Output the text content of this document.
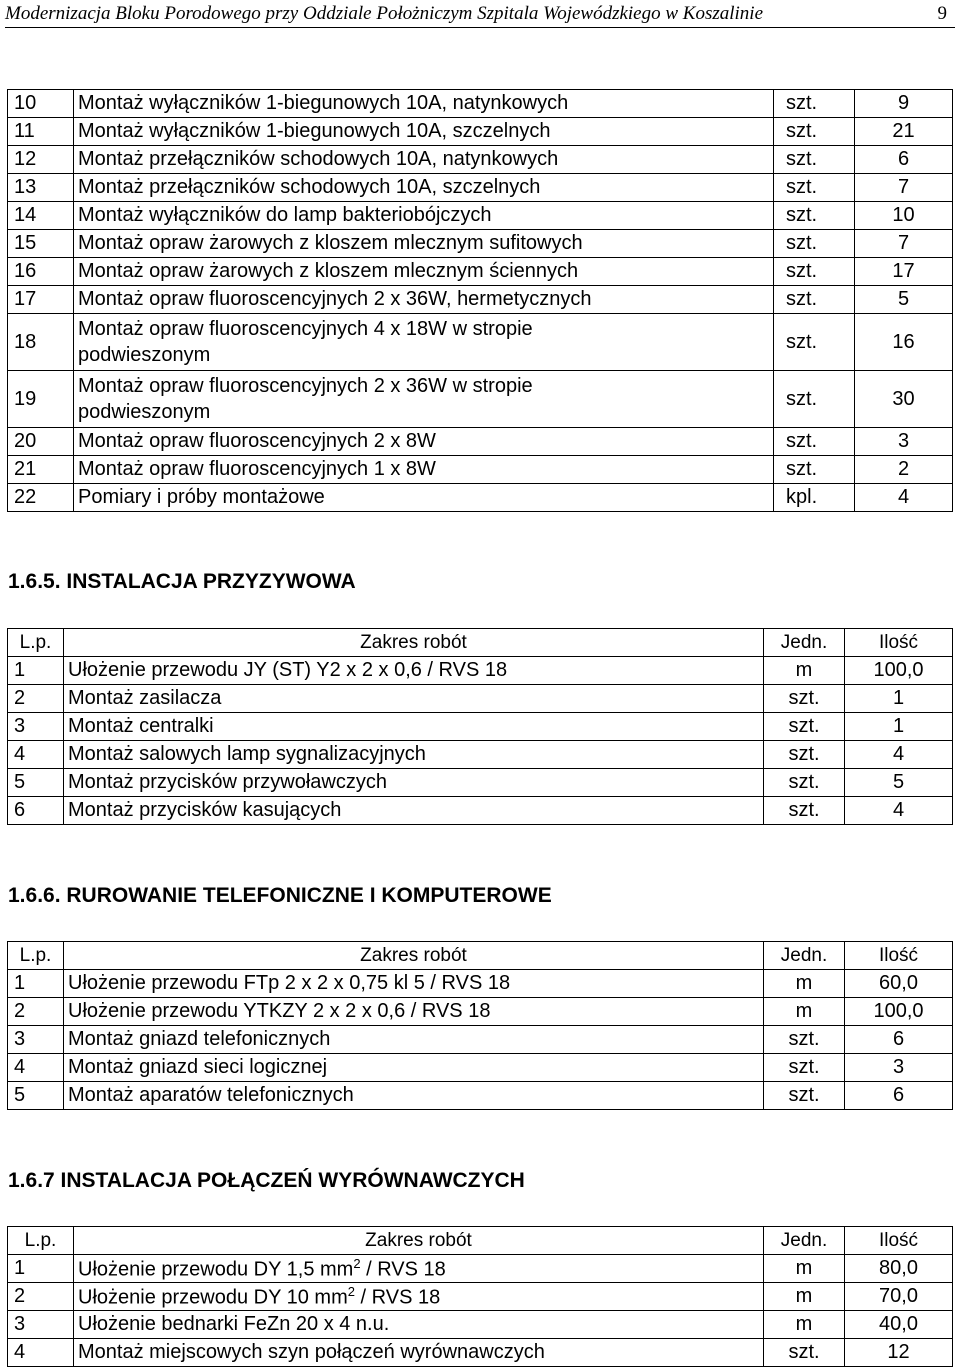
Modernizacja Bloku Porodowego przy Oddziale Położniczym Szpitala Wojewódzkiego w Koszalinie	9
10	Montaż wyłączników 1-biegunowych 10A, natynkowych	szt.	9
11	Montaż wyłączników 1-biegunowych 10A, szczelnych	szt.	21
12	Montaż przełączników schodowych 10A, natynkowych	szt.	6
13	Montaż przełączników schodowych 10A, szczelnych	szt.	7
14	Montaż wyłączników do lamp bakteriobójczych	szt.	10
15	Montaż opraw żarowych z kloszem mlecznym sufitowych	szt.	7
16	Montaż opraw żarowych z kloszem mlecznym ściennych	szt.	17
17	Montaż opraw fluoroscencyjnych 2 x 36W, hermetycznych	szt.	5
18	Montaż opraw fluoroscencyjnych 4 x 18W w stropie podwieszonym	szt.	16
19	Montaż opraw fluoroscencyjnych 2 x 36W w stropie podwieszonym	szt.	30
20	Montaż opraw fluoroscencyjnych 2 x 8W	szt.	3
21	Montaż opraw fluoroscencyjnych 1 x 8W	szt.	2
22	Pomiary i próby montażowe	kpl.	4
1.6.5. INSTALACJA PRZYZYWOWA
L.p.	Zakres robót	Jedn.	Ilość
1	Ułożenie przewodu JY (ST) Y2 x 2 x 0,6 / RVS 18	m	100,0
2	Montaż zasilacza	szt.	1
3	Montaż centralki	szt.	1
4	Montaż salowych lamp sygnalizacyjnych	szt.	4
5	Montaż przycisków przywoławczych	szt.	5
6	Montaż przycisków kasujących	szt.	4
1.6.6. RUROWANIE TELEFONICZNE I KOMPUTEROWE
L.p.	Zakres robót	Jedn.	Ilość
1	Ułożenie przewodu FTp 2 x 2 x 0,75 kl 5 / RVS 18	m	60,0
2	Ułożenie przewodu YTKZY 2 x 2 x 0,6 / RVS 18	m	100,0
3	Montaż gniazd telefonicznych	szt.	6
4	Montaż gniazd sieci logicznej	szt.	3
5	Montaż aparatów telefonicznych	szt.	6
1.6.7 INSTALACJA POŁĄCZEŃ WYRÓWNAWCZYCH
L.p.	Zakres robót	Jedn.	Ilość
1	Ułożenie przewodu DY 1,5 $mm^2$ / RVS 18	m	80,0
2	Ułożenie przewodu DY 10 $mm^2$ / RVS 18	m	70,0
3	Ułożenie bednarki FeZn 20 x 4 n.u.	m	40,0
4	Montaż miejscowych szyn połączeń wyrównawczych	szt.	12
